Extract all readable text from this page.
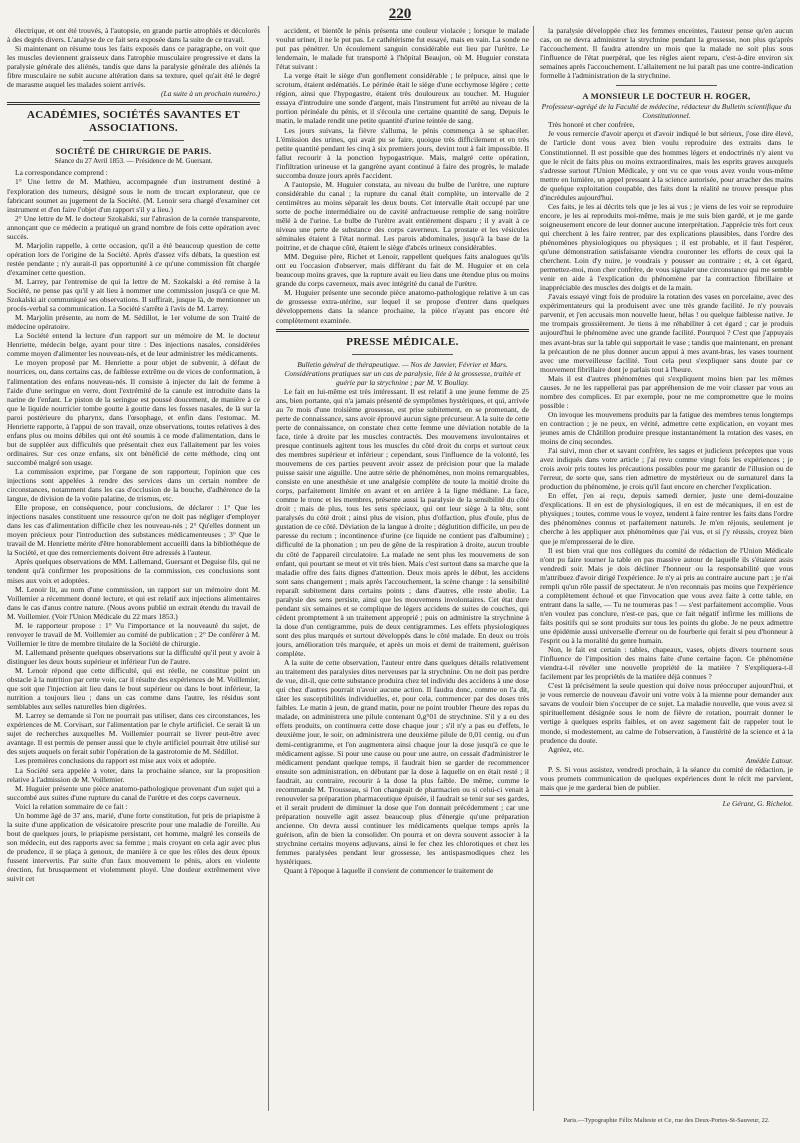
220

électrique, et ont été trouvés, à l'autopsie, en grande partie atrophiés et décolorés à des degrés divers. L'analyse de ce fait sera exposée dans la suite de ce travail.

Si maintenant on résume tous les faits exposés dans ce paragraphe, on voit que les muscles deviennent graisseux dans l'atrophie musculaire progressive et dans la paralysie générale des aliénés, tandis que dans la paralysie générale des aliénés la fibre musculaire ne subit aucune altération dans sa texture, quel qu'ait été le degré de marasme auquel les malades soient arrivés.

(La suite à un prochain numéro.)
ACADÉMIES, SOCIÉTÉS SAVANTES ET ASSOCIATIONS.
SOCIÉTÉ DE CHIRURGIE DE PARIS.
Séance du 27 Avril 1853. — Présidence de M. Guersant.

La correspondance comprend :

1° Une lettre de M. Mathieu, accompagnée d'un instrument destiné à l'exploration des tumeurs, désigné sous le nom de trocart explorateur, que ce fabricant soumet au jugement de la Société. (M. Lenoir sera chargé d'examiner cet instrument et d'en faire l'objet d'un rapport s'il y a lieu.)

2° Une lettre de M. le docteur Szokalski, sur l'abrasion de la cornée transparente, annonçant que ce médecin a pratiqué un grand nombre de fois cette opération avec succès.

M. Marjolin rappelle, à cette occasion, qu'il a été beaucoup question de cette opération lors de l'origine de la Société. Après d'assez vifs débats, la question est restée pendante ; n'y aurait-il pas opportunité à ce qu'une commission fût chargée d'examiner cette question.

M. Larrey, par l'entremise de qui la lettre de M. Szokalski a été remise à la Société, ne pense pas qu'il y ait lieu à nommer une commission jusqu'à ce que M. Szokalski ait communiqué ses observations. Il suffirait, jusque là, de mentionner un procès-verbal sa communication. La Société s'arrête à l'avis de M. Larrey.

M. Marjolin présente, au nom de M. Sédillot, le 1er volume de son Traité de médecine opératoire.

La Société entend la lecture d'un rapport sur un mémoire de M. le docteur Henriette, médecin belge, ayant pour titre : Des injections nasales, considérées comme moyen d'alimenter les nouveau-nés, et de leur administrer les médicaments.

Le moyen proposé par M. Henriette a pour objet de subvenir, à défaut de nourrices, ou, dans certains cas, de faiblesse extrême ou de vices de conformation, à l'alimentation des enfans nouveau-nés. Il consiste à injecter du lait de femme à l'aide d'une seringue en verre, dont l'extrémité de la canule est introduite dans la narine de l'enfant. Le piston de la seringue est poussé doucement, de manière à ce que le liquide nourricier tombe goutte à goutte dans les fosses nasales, de là sur la paroi postérieure du pharynx, dans l'œsophage, et enfin dans l'estomac. M. Henriette rapporte, à l'appui de son travail, onze observations, toutes relatives à des enfans plus ou moins débiles qui ont été soumis à ce mode d'alimentation, dans le but de suppléer aux difficultés que présentait chez eux l'allaitement par les voies ordinaires. Sur ces onze enfans, six ont bénéficié de cette méthode, cinq ont succombé malgré son usage.

La commission exprime, par l'organe de son rapporteur, l'opinion que ces injections sont appelées à rendre des services dans un certain nombre de circonstances, notamment dans les cas d'occlusion de la bouche, d'adhérence de la langue, de division de la voûte palatine, de trismus, etc.

Elle propose, en conséquence, pour conclusions, de déclarer : 1° Que les injections nasales constituent une ressource qu'on ne doit pas négliger d'employer dans les cas d'alimentation difficile chez les nouveau-nés ; 2° Qu'elles donnent un moyen précieux pour l'introduction des substances médicamenteuses ; 3° Que le travail de M. Henriette mérite d'être honorablement accueilli dans la bibliothèque de la Société, et que des remerciements doivent être adressés à l'auteur.

Après quelques observations de MM. Lallemand, Guersant et Deguise fils, qui ne tendent qu'à confirmer les propositions de la commission, ces conclusions sont mises aux voix et adoptées.

M. Lenoir lit, au nom d'une commission, un rapport sur un mémoire dont M. Voillemier a récemment donné lecture, et qui est relatif aux injections alimentaires dans le cas d'anus contre nature. (Nous avons publié un extrait étendu du travail de M. Voillemier. (Voir l'Union Médicale du 22 mars 1853.)

M. le rapporteur propose : 1° Vu l'importance et la nouveauté du sujet, de renvoyer le travail de M. Voillemier au comité de publication ; 2° De conférer à M. Voillemier le titre de membre titulaire de la Société de chirurgie.

M. Lallemand présente quelques observations sur la difficulté qu'il peut y avoir à distinguer les deux bouts supérieur et inférieur l'un de l'autre.

M. Lenoir répond que cette difficulté, qui est réelle, ne constitue point un obstacle à la nutrition par cette voie, car il résulte des expériences de M. Voillemier, que soit que l'injection ait lieu dans le bout supérieur ou dans le bout inférieur, la nutrition a toujours lieu ; dans un cas comme dans l'autre, les résidus sont semblables aux selles naturelles bien digérées.

M. Larrey se demande si l'on ne pourrait pas utiliser, dans ces circonstances, les expériences de M. Corvisart, sur l'alimentation par le chyle artificiel. Ce serait là un sujet de recherches auxquelles M. Voillemier pourrait se livrer peut-être avec avantage. Il est permis de penser aussi que le chyle artificiel pourrait être utilisé sur des sujets auquels on ferait subir l'opération de la gastrotomie de M. Sédillot.

Les premières conclusions du rapport est mise aux voix et adoptée.

La Société sera appelée à voter, dans la prochaine séance, sur la proposition relative à l'admission de M. Voillemier.

M. Huguier présente une pièce anatomo-pathologique provenant d'un sujet qui a succombé aux suites d'une rupture du canal de l'urètre et des corps caverneux.

Voici la relation sommaire de ce fait :

Un homme âgé de 37 ans, marié, d'une forte constitution, fut pris de priapisme à la suite d'une application de vésicatoire prescrite pour une maladie de l'oreille. Au bout de quelques jours, le priapisme persistant, cet homme, malgré les conseils de son médecin, eut des rapports avec sa femme ; mais croyant en cela agir avec plus de prudence, il se plaça à genoux, de manière à ce que les rôles des deux époux fussent intervertis. Par suite d'un faux mouvement le pénis, alors en violente érection, fut brusquement et violemment ployé. Une douleur extrêmement vive suivit cet

accident, et bientôt le pénis présenta une couleur violacée ; lorsque le malade voulut uriner, il ne le put pas. Le cathétérisme fut essayé, mais en vain. La sonde ne put pas pénétrer. Un écoulement sanguin considérable eut lieu par l'urètre. Le lendemain, le malade fut transporté à l'hôpital Beaujon, où M. Huguier constata l'état suivant :

La verge était le siège d'un gonflement considérable ; le prépuce, ainsi que le scrotum, étaient œdématiés. Le périnée était le siège d'une ecchymose légère ; cette région, ainsi que l'hypogastre, étaient très douloureux au toucher. M. Huguier essaya d'introduire une sonde d'argent, mais l'instrument fut arrêté au niveau de la portion périnéale du pénis, et il s'écoula une certaine quantité de sang. Depuis le matin, le malade rendit une petite quantité d'urine teintée de sang.

Les jours suivans, la fièvre s'alluma, le pénis commença à se sphacéler. L'émission des urines, qui avait pu se faire, quoique très difficilement et en très petite quantité pendant les cinq à six premiers jours, devint tout à fait impossible. Il fallut recourir à la ponction hypogastrique. Mais, malgré cette opération, l'infiltration urineuse et la gangrène ayant continué à faire des progrès, le malade succomba douze jours après l'accident.

A l'autopsie, M. Huguier constata, au niveau du bulbe de l'urètre, une rupture considérable du canal ; la rupture du canal était complète, un intervalle de 2 centimètres au moins séparait les deux bouts. Cet intervalle était occupé par une sorte de poche intermédiaire ou de cavité anfractueuse remplie de sang noirâtre mêlé à de l'urine. Le bulbe de l'urètre avait entièrement disparu ; il y avait à ce niveau une perte de substance des corps caverneux. La prostate et les vésicules séminales étaient à l'état normal. Les parois abdominales, jusqu'à la base de la poitrine, et de chaque côté, étaient le siège d'abcès urineux considérables.

MM. Deguise père, Richet et Lenoir, rappellent quelques faits analogues qu'ils ont eu l'occasion d'observer, mais différant du fait de M. Huguier et en cela beaucoup moins graves, que la rupture avait eu lieu dans une étendue plus ou moins grande du corps caverneux, mais avec intégrité du canal de l'urètre.

M. Huguier présente une seconde pièce anatomo-pathologique relative à un cas de grossesse extra-utérine, sur lequel il se propose d'entrer dans quelques développemens dans la séance prochaine, la pièce n'ayant pas encore été complètement examinée.

PRESSE MÉDICALE.

Bulletin général de thérapeutique. — Nos de Janvier, Février et Mars.

Considérations pratiques sur un cas de paralysie, liée à la grossesse, traitée et guérie par la strychnine ; par M. V. Boullay.

Le fait en lui-même est très intéressant. Il est relatif à une jeune femme de 25 ans, bien portante, qui n'a jamais présenté de symptômes hystériques, et qui, arrivée au 7e mois d'une troisième grossesse, est prise subitement, en se promenant, de perte de connaissance, sans avoir éprouvé aucun signe précurseur. A la suite de cette perte de connaissance, on constate chez cette femme une déviation notable de la face, tirée à droite par les muscles contractés. Des mouvemens involontaires et presque continuels agitent tous les muscles du côté droit du corps et surtout ceux des membres supérieur et inférieur ; cependant, sous l'influence de la volonté, les mouvemens de ces parties peuvent avoir assez de précision pour que la malade puisse saisir une aiguille. Une autre série de phénomènes, non moins remarquables, consiste en une anesthésie et une analgésie complète de toute la moitié droite du corps, parfaitement limitée en avant et en arrière à la ligne médiane. La face, comme le tronc et les membres, présente aussi la paralysie de la sensibilité du côté droit ; mais de plus, tous les sens spéciaux, qui ont leur siège à la tête, sont paralysés du côté droit ; ainsi plus de vision, plus d'olfaction, plus d'ouïe, plus de gustation de ce côté. Déviation de la langue à droite ; déglutition difficile, un peu de paresse du rectum ; incontinence d'urine (ce liquide ne contient pas d'albumine) ; difficulté de la phonation ; un peu de gêne de la respiration à droite, aucun trouble du côté de l'appareil circulatoire. La malade ne sent plus les mouvemens de son enfant, qui pourtant se meut et vit très bien. Mais c'est surtout dans sa marche que la maladie offre des faits dignes d'attention. Deux mois après le début, les accidens sont sans changement ; mais après l'accouchement, la scène change : la sensibilité reparaît subitement dans certains points ; dans d'autres, elle reste abolie. La paralysie des sens persiste, ainsi que les mouvemens involontaires. Cet état dure pendant six semaines et se complique de légers accidens de suites de couches, qui cèdent promptement à un traitement approprié ; puis on administre la strychnine à la dose d'un centigramme, puis de deux centigrammes. Les effets physiologiques sont des plus marqués et surtout développés dans le côté malade. En deux ou trois jours, amélioration très marquée, et après un mois et demi de traitement, guérison complète.

A la suite de cette observation, l'auteur entre dans quelques détails relativement au traitement des paralysies dites nerveuses par la strychnine. On ne doit pas perdre de vue, dit-il, que cette substance produira chez tel individu des accidens à une dose qui chez d'autres pourrait n'avoir aucune action. Il faudra donc, comme on l'a dit, tâter les susceptibilités individuelles, et, pour cela, commencer par des doses très faibles. Le matin à jeun, de grand matin, pour ne point troubler l'heure des repas du malade, on administrera une pilule contenant 0,g°01 de strychnine. S'il y a eu des effets produits, on continuera cette dose chaque jour ; s'il n'y a pas eu d'effets, le deuxième jour, le soir, on administrera une deuxième pilule de 0,01 centig. ou d'un demi-centigramme, et l'on augmentera ainsi chaque jour la dose jusqu'à ce que le médicament agisse. Si pour une cause ou pour une autre, on cessait d'administrer le médicament pendant quelque temps, il faudrait bien se garder de recommencer ensuite son administration, en débutant par la dose à laquelle on en était resté ; il faudrait, au contraire, recourir à la dose la plus faible. De même, comme le recommande M. Trousseau, si l'on changeait de pharmacien ou si celui-ci venait à renouveler sa préparation pharmaceutique épuisée, il faudrait se tenir sur ses gardes, et il serait prudent de diminuer la dose que l'on donnait précédemment ; car une préparation nouvelle agit assez beaucoup plus d'énergie qu'une préparation ancienne. On devra aussi continuer les médicaments quelque temps après la guérison, afin de bien la consolider. On pourra et on devra souvent associer à la strychnine certains moyens adjuvans, ainsi le fer chez les chlorotiques et chez les femmes paralysées pendant leur grossesse, les antispasmodiques chez les hystériques.

Quant à l'époque à laquelle il convient de commencer le traitement de

la paralysie développée chez les femmes enceintes, l'auteur pense qu'en aucun cas, on ne devra administrer la strychnine pendant la grossesse, non plus qu'après l'accouchement. Il faudra attendre un mois que la malade ne soit plus sous l'influence de l'état puerpéral, que les règles aient reparu, c'est-à-dire environ six semaines après l'accouchement. L'allaitement ne lui paraît pas une contre-indication formelle à l'administration de la strychnine.

A MONSIEUR LE DOCTEUR H. ROGER,

Professeur-agrégé de la Faculté de médecine, rédacteur du Bulletin scientifique du Constitutionnel.

Très honoré et cher confrère,

Je vous remercie d'avoir aperçu et d'avoir indiqué le but sérieux, j'ose dire élevé, de l'article dont vous avez bien voulu reproduire des extraits dans le Constitutionnel. Il est possible que des hommes légers et endoctrinés n'y aient vu que le récit de faits plus ou moins extraordinaires, mais les esprits graves auxquels s'adresse surtout l'Union Médicale, y ont vu ce que vous avez voulu vous-même mettre en lumière, un appel pressant à la science autorisée, pour arracher des mains de quelque exploitation coupable, des faits dont la réalité ne trouve presque plus d'incrédules aujourd'hui.

Ces faits, je les ai décrits tels que je les ai vus ; je viens de les voir se reproduire encore, je les ai reproduits moi-même, mais je me suis bien gardé, et je me garde soigneusement encore de leur donner aucune interprétation. J'apprécie très fort ceux qui cherchent à les faire rentrer, par des explications plausibles, dans l'ordre des phénomènes physiologiques ou physiques ; il est probable, et il faut l'espérer, qu'une démonstration satisfaisante viendra couronner les efforts de ceux qui la cherchent. Loin d'y nuire, je voudrais y pousser au contraire ; et, à cet égard, permettez-moi, mon cher confrère, de vous signaler une circonstance qui me semble venir en aide à l'explication du phénomène par la contraction fibrillaire et inappréciable des muscles des doigts et de la main.

J'avais essayé vingt fois de produire la rotation des vases en porcelaine, avec des expérimentateurs qui la produisent avec une très grande facilité. Je n'y pouvais parvenir, et j'en accusais mon nouvelle lueur, hélas ! ou quelque faiblesse native. Je me trompais grossièrement. Je tiens à me réhabiliter à cet égard ; car je produis aujourd'hui le phénomène avec une grande facilité. Pourquoi ? C'est que j'appuyais mes avant-bras sur la table qui supportait le vase ; tandis que maintenant, en prenant la précaution de ne plus donner aucun appui à mes avant-bras, les vases tournent avec une merveilleuse facilité. Tout cela peut s'expliquer sans doute par ce mouvement fibrillaire dont je parlais tout à l'heure.

Mais il est d'autres phénomènes qui s'expliquent moins bien par les mêmes causes. Je ne les rappellerai pas par appréhension de me voir classer par vous au nombre des complices. Et par exemple, pour ne me compromettre que le moins possible :

On invoque les mouvemens produits par la fatigue des membres tenus longtemps en contraction ; je ne peux, en vérité, admettre cette explication, en voyant mes jeunes amis de Châtillon produire presque instantanément la rotation des vases, en moins de cinq secondes.

J'ai suivi, mon cher et savant confrère, les sages et judicieux préceptes que vous avez indiqués dans votre article ; j'ai revu comme vingt fois les expériences ; je crois avoir pris toutes les précautions possibles pour me garantir de l'illusion ou de l'erreur, de sorte que, sans rien admettre de mystérieux ou de surnaturel dans la production du phénomène, je crois qu'il faut encore en chercher l'explication.

En effet, j'en ai reçu, depuis samedi dernier, juste une demi-douzaine d'explications. Il en est de physiologiques, il en est de mécaniques, il en est de physiques ; toutes, comme vous le voyez, tendent à faire rentrer les faits dans l'ordre des phénomènes connus et parfaitement naturels. Je m'en réjouis, seulement je cherche à les appliquer aux phénomènes que j'ai vus, et si j'y réussis, croyez bien que je m'empresserai de le dire.

Il est bien vrai que nos collègues du comité de rédaction de l'Union Médicale n'ont pu faire tourner la table en pas massive autour de laquelle ils s'étaient assis vendredi soir. Mais je dois décliner l'honneur ou la responsabilité que vous m'attribuez d'avoir dirigé l'expérience. Je n'y ai pris au contraire aucune part ; je n'ai rempli qu'un rôle passif de spectateur. Je n'en reconnais pas moins que l'expérience a complètement échoué et que l'invocation que vous avez faite à cette table, en entrant dans la salle, — Tu ne tourneras pas ! — s'est parfaitement accomplie. Vous n'en voulez pas conclure, n'est-ce pas, que ce fait négatif infirme les millions de faits positifs qui se sont produits sur tous les points du globe. Je ne peux admettre une épidémie aussi universelle d'erreur ou de fourberie qui ferait si peu d'honneur à l'esprit ou à la moralité du genre humain.

Non, le fait est certain : tables, chapeaux, vases, objets divers tournent sous l'influence de l'imposition des mains faite d'une certaine façon. Ce phénomène viendra-t-il révéler une nouvelle propriété de la matière ? S'expliquera-t-il facilement par les propriétés de la matière déjà connues ?

C'est là précisément la seule question qui doive nous préoccuper aujourd'hui, et je vous remercie de nouveau d'avoir uni votre voix à la mienne pour demander aux savans de vouloir bien s'occuper de ce sujet. La maladie nouvelle, que vous avez si spirituellement désignée sous le nom de fièvre de rotation, pourrait donner le vertige à quelques esprits faibles, et on avez sagement fait de rappeler tout le monde, si modestement, au calme de l'observation, à l'austérité de la science et à la prudence du doute.

Agréez, etc.

Amédée Latour.

P. S. Si vous assistez, vendredi prochain, à la séance du comité de rédaction, je vous promets communication de quelques expériences dont le récit me parvient, mais que je me garderai bien de publier.

Le Gérant, G. Richelot.
Paris.—Typographie Félix Malteste et Ce, rue des Deux-Portes-St-Sauveur, 22.
